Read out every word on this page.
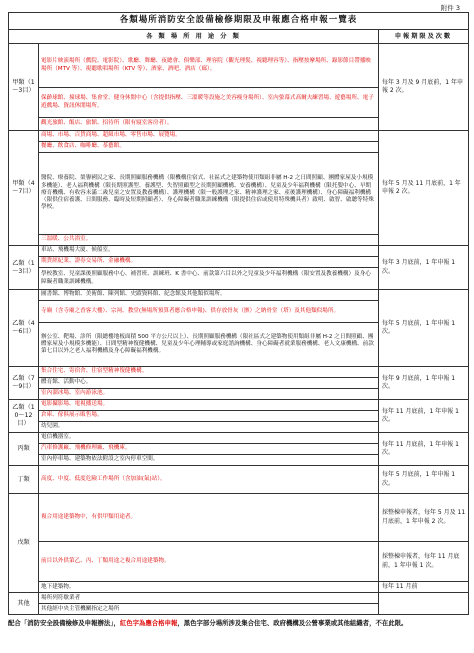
附件 3
各類場所消防安全設備檢修期限及申報應合格申報一覽表		
各 類 場 所 用 途 分 類		申報期限及次數
甲類（1～3目）	電影片映演場所（戲院、電影院）、歌廳、舞廳、夜總會、俱樂部、理容院（觀光理髮、視聽理容等）、指壓按摩場所、錄影節目帶播映場所（MTV 等）、視聽歌唱場所（KTV 等）、酒家、酒吧、酒店（廊）。	每年 3 月及 9 月底前，1 年申報 2 次。
	保齡球館、撞球場、集會堂、健身休閒中心（含提供指壓、三溫暖等設施之美容瘦身場所）、室內螢幕式高爾夫練習場、遊藝場所、電子遊戲場、資訊休閒場所。	
	觀光旅館、飯店、旅館、招待所（限有寢室客房者）。	
甲類（4～7目）	商場、市場、百貨商場、超級市場、零售市場、展覽場。	每年 5 月及 11 月底前，1 年申報 2 次。
	餐廳、飲食店、咖啡廳、茶藝館。	
	醫院、療養院、榮譽國民之家、長期照顧服務機構（限機構住宿式、社區式之建築物使用類組非屬 H-2 之日間照顧、團體家屋及小規模多機能）、老人福利機構（限長期照護型、養護型、失智照顧型之長期照顧機構、安養機構）、兒童及少年福利機構（限托嬰中心、早期療育機構、有收容未滿二歲兒童之安置及教養機構）、護理機構（限一般護理之家、精神護理之家、產後護理機構）、身心障礙福利機構（限供住宿養護、日間服務、臨時及短期照顧者）、身心障礙者職業訓練機構（限提供住宿或使用特殊機具者）啟明、啟智、啟聰等特殊學校。	
	三溫暖、公共浴室。	
乙類（1～3目）	車站、飛機場大廈、候船室。	每年 3 月底前，1 年申報 1 次。
	期貨經紀業、證券交易所、金融機構。	
	學校教室、兒童課後照顧服務中心、補習班、訓練班、K 書中心、前款第六目以外之兒童及少年福利機構（限安置及教養機構）及身心障礙者職業訓練機構。	
乙類（4～6目）	圖書館、博物館、美術館、陳列館、史蹟資料館、紀念館及其他類似場所。	每年 5 月底前，1 年申報 1 次。
	寺廟（含寺廟之香客大樓）、宗祠、教堂(無場所預算者應合格申報)、供存放骨灰（骸）之納骨堂（塔）及其他類似場所。	
	辦公室、靶場、診所（限總樓地板面積 500 平方公尺以上）、長期照顧服務機構（限社區式之建築物使用類組非屬 H-2 之日間照顧、團體家屋及小規模多機能）、日間型精神復健機構、兒童及少年心理輔導或家庭諮詢機構、身心障礙者就業服務機構、老人文康機構、前款第七目以外之老人福利機構及身心障礙福利機構。	
乙類（7～9目）	集合住宅、寄宿舍、住宿型精神復健機構。	每年 9 月底前，1 年申報 1 次。
	體育館、活動中心。	
	室內溜冰場、室內游泳池。	
乙類（10～12目）	電影攝影場、電視播送場。	每年 11 月底前，1 年申報 1 次。
	倉庫、傢俱展示販售場。	
	幼兒園。	
丙類	電信機器室。	每年 11 月底前，1 年申報 1 次。
	汽車修護廠、飛機修理廠、飛機庫。	
	室內停車場、建築物依法附設之室內停車空間。	
丁類	高度、中度、低度危險工作場所（含加油(氣)站）。	每年 5 月底前，1 年申報 1 次。
戊類	複合用途建築物中，有供甲類用途者。	採整棟申報者，每年 5 月及 11 月底前，1 年申報 2 次。
	前目以外供第乙、丙、丁類用途之複合用途建築物。	採整棟申報者，每年 11 月底前，1 年申報 1 次。
	地下建築物。	每年 11 月前
其他	場所列符歇業者	
	其他經中央主管機關指定之場所	
配合「消防安全設備檢修及申報辦法」，紅色字為應合格申報，黑色字部分場所涉及集合住宅、政府機構及公營事業或其他組織者，不在此限。
